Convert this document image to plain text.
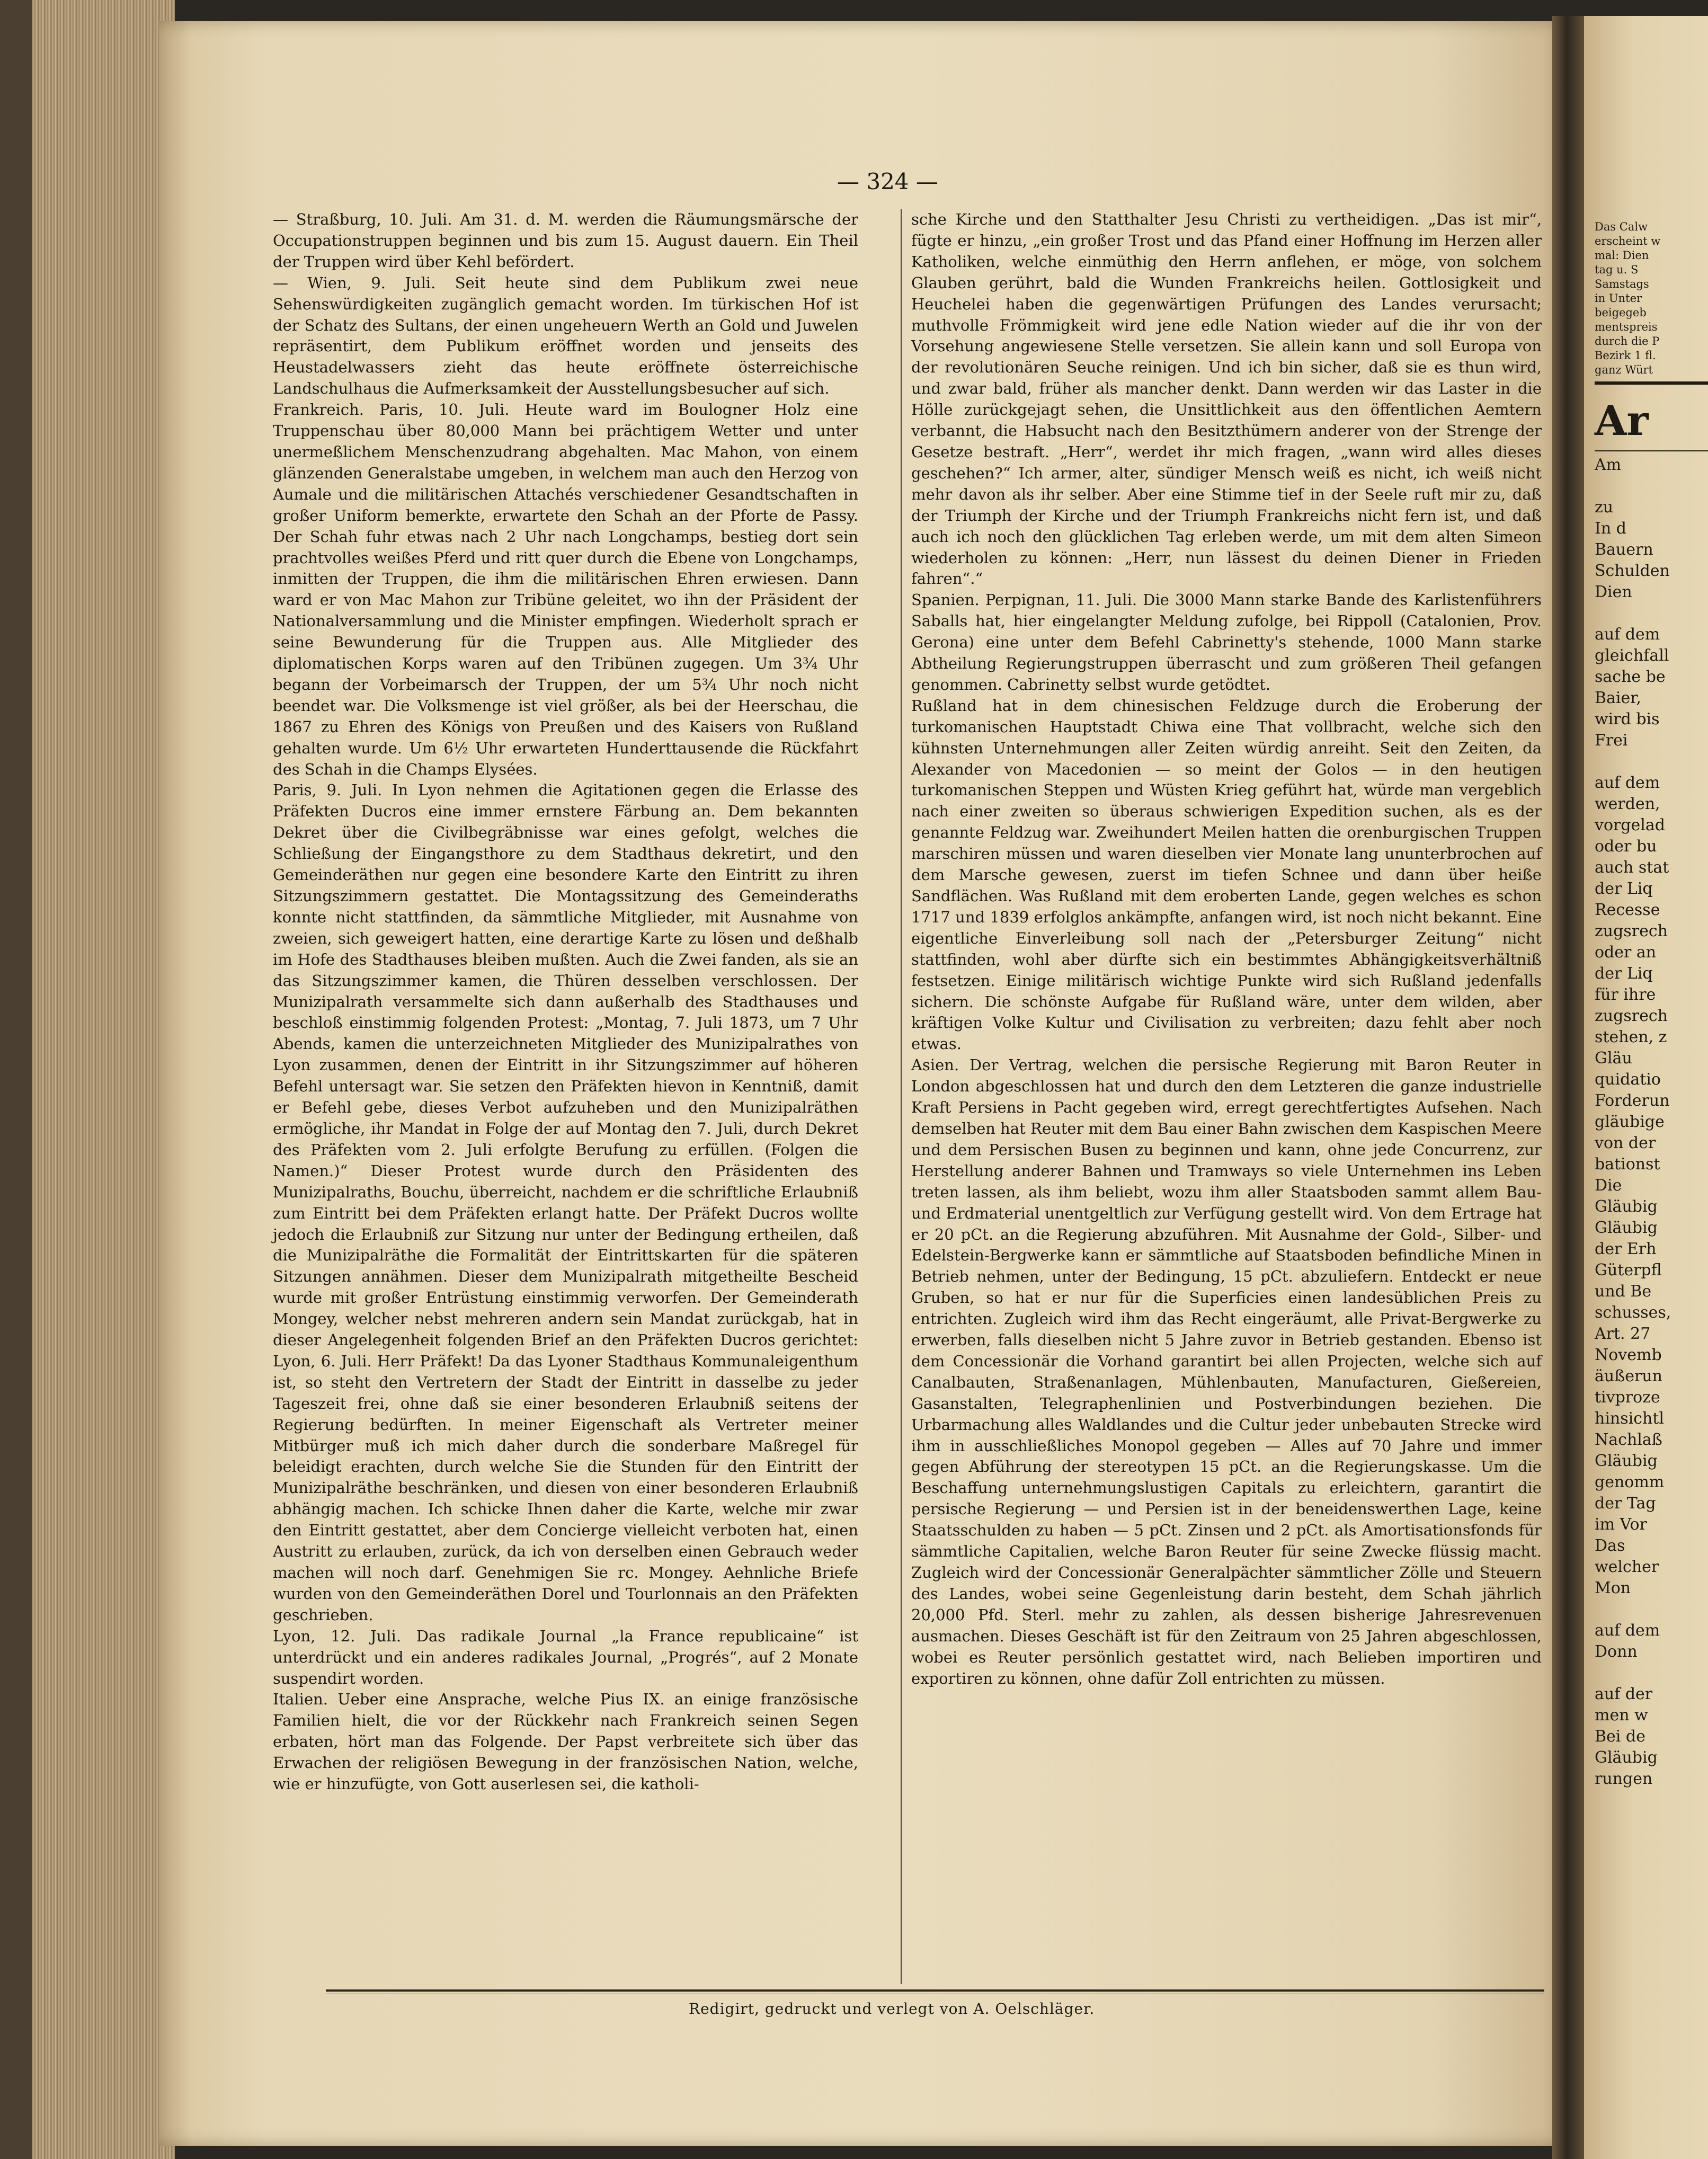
— 324 —

— Straßburg, 10. Juli. Am 31. d. M. werden die Räumungsmärsche der Occupationstruppen beginnen und bis zum 15. August dauern. Ein Theil der Truppen wird über Kehl befördert.

— Wien, 9. Juli. Seit heute sind dem Publikum zwei neue Sehenswürdigkeiten zugänglich gemacht worden. Im türkischen Hof ist der Schatz des Sultans, der einen ungeheuern Werth an Gold und Juwelen repräsentirt, dem Publikum eröffnet worden und jenseits des Heustadelwassers zieht das heute eröffnete österreichische Landschulhaus die Aufmerksamkeit der Ausstellungsbesucher auf sich.

Frankreich. Paris, 10. Juli. Heute ward im Boulogner Holz eine Truppenschau über 80,000 Mann bei prächtigem Wetter und unter unermeßlichem Menschenzudrang abgehalten. Mac Mahon, von einem glänzenden Generalstabe umgeben, in welchem man auch den Herzog von Aumale und die militärischen Attachés verschiedener Gesandtschaften in großer Uniform bemerkte, erwartete den Schah an der Pforte de Passy. Der Schah fuhr etwas nach 2 Uhr nach Longchamps, bestieg dort sein prachtvolles weißes Pferd und ritt quer durch die Ebene von Longchamps, inmitten der Truppen, die ihm die militärischen Ehren erwiesen. Dann ward er von Mac Mahon zur Tribüne geleitet, wo ihn der Präsident der Nationalversammlung und die Minister empfingen. Wiederholt sprach er seine Bewunderung für die Truppen aus. Alle Mitglieder des diplomatischen Korps waren auf den Tribünen zugegen. Um 3¾ Uhr begann der Vorbeimarsch der Truppen, der um 5¾ Uhr noch nicht beendet war. Die Volksmenge ist viel größer, als bei der Heerschau, die 1867 zu Ehren des Königs von Preußen und des Kaisers von Rußland gehalten wurde. Um 6½ Uhr erwarteten Hunderttausende die Rückfahrt des Schah in die Champs Elysées.

Paris, 9. Juli. In Lyon nehmen die Agitationen gegen die Erlasse des Präfekten Ducros eine immer ernstere Färbung an. Dem bekannten Dekret über die Civilbegräbnisse war eines gefolgt, welches die Schließung der Eingangsthore zu dem Stadthaus dekretirt, und den Gemeinderäthen nur gegen eine besondere Karte den Eintritt zu ihren Sitzungszimmern gestattet. Die Montagssitzung des Gemeinderaths konnte nicht stattfinden, da sämmtliche Mitglieder, mit Ausnahme von zweien, sich geweigert hatten, eine derartige Karte zu lösen und deßhalb im Hofe des Stadthauses bleiben mußten. Auch die Zwei fanden, als sie an das Sitzungszimmer kamen, die Thüren desselben verschlossen. Der Munizipalrath versammelte sich dann außerhalb des Stadthauses und beschloß einstimmig folgenden Protest: „Montag, 7. Juli 1873, um 7 Uhr Abends, kamen die unterzeichneten Mitglieder des Munizipalrathes von Lyon zusammen, denen der Eintritt in ihr Sitzungszimmer auf höheren Befehl untersagt war. Sie setzen den Präfekten hievon in Kenntniß, damit er Befehl gebe, dieses Verbot aufzuheben und den Munizipalräthen ermögliche, ihr Mandat in Folge der auf Montag den 7. Juli, durch Dekret des Präfekten vom 2. Juli erfolgte Berufung zu erfüllen. (Folgen die Namen.)“ Dieser Protest wurde durch den Präsidenten des Munizipalraths, Bouchu, überreicht, nachdem er die schriftliche Erlaubniß zum Eintritt bei dem Präfekten erlangt hatte. Der Präfekt Ducros wollte jedoch die Erlaubniß zur Sitzung nur unter der Bedingung ertheilen, daß die Munizipalräthe die Formalität der Eintrittskarten für die späteren Sitzungen annähmen. Dieser dem Munizipalrath mitgetheilte Bescheid wurde mit großer Entrüstung einstimmig verworfen. Der Gemeinderath Mongey, welcher nebst mehreren andern sein Mandat zurückgab, hat in dieser Angelegenheit folgenden Brief an den Präfekten Ducros gerichtet: Lyon, 6. Juli. Herr Präfekt! Da das Lyoner Stadthaus Kommunaleigenthum ist, so steht den Vertretern der Stadt der Eintritt in dasselbe zu jeder Tageszeit frei, ohne daß sie einer besonderen Erlaubniß seitens der Regierung bedürften. In meiner Eigenschaft als Vertreter meiner Mitbürger muß ich mich daher durch die sonderbare Maßregel für beleidigt erachten, durch welche Sie die Stunden für den Eintritt der Munizipalräthe beschränken, und diesen von einer besonderen Erlaubniß abhängig machen. Ich schicke Ihnen daher die Karte, welche mir zwar den Eintritt gestattet, aber dem Concierge vielleicht verboten hat, einen Austritt zu erlauben, zurück, da ich von derselben einen Gebrauch weder machen will noch darf. Genehmigen Sie rc. Mongey. Aehnliche Briefe wurden von den Gemeinderäthen Dorel und Tourlonnais an den Präfekten geschrieben.

Lyon, 12. Juli. Das radikale Journal „la France republicaine“ ist unterdrückt und ein anderes radikales Journal, „Progrés“, auf 2 Monate suspendirt worden.

Italien. Ueber eine Ansprache, welche Pius IX. an einige französische Familien hielt, die vor der Rückkehr nach Frankreich seinen Segen erbaten, hört man das Folgende. Der Papst verbreitete sich über das Erwachen der religiösen Bewegung in der französischen Nation, welche, wie er hinzufügte, von Gott auserlesen sei, die katholi-

sche Kirche und den Statthalter Jesu Christi zu vertheidigen. „Das ist mir“, fügte er hinzu, „ein großer Trost und das Pfand einer Hoffnung im Herzen aller Katholiken, welche einmüthig den Herrn anflehen, er möge, von solchem Glauben gerührt, bald die Wunden Frankreichs heilen. Gottlosigkeit und Heuchelei haben die gegenwärtigen Prüfungen des Landes verursacht; muthvolle Frömmigkeit wird jene edle Nation wieder auf die ihr von der Vorsehung angewiesene Stelle versetzen. Sie allein kann und soll Europa von der revolutionären Seuche reinigen. Und ich bin sicher, daß sie es thun wird, und zwar bald, früher als mancher denkt. Dann werden wir das Laster in die Hölle zurückgejagt sehen, die Unsittlichkeit aus den öffentlichen Aemtern verbannt, die Habsucht nach den Besitzthümern anderer von der Strenge der Gesetze bestraft. „Herr“, werdet ihr mich fragen, „wann wird alles dieses geschehen?“ Ich armer, alter, sündiger Mensch weiß es nicht, ich weiß nicht mehr davon als ihr selber. Aber eine Stimme tief in der Seele ruft mir zu, daß der Triumph der Kirche und der Triumph Frankreichs nicht fern ist, und daß auch ich noch den glücklichen Tag erleben werde, um mit dem alten Simeon wiederholen zu können: „Herr, nun lässest du deinen Diener in Frieden fahren“.“

Spanien. Perpignan, 11. Juli. Die 3000 Mann starke Bande des Karlistenführers Saballs hat, hier eingelangter Meldung zufolge, bei Rippoll (Catalonien, Prov. Gerona) eine unter dem Befehl Cabrinetty's stehende, 1000 Mann starke Abtheilung Regierungstruppen überrascht und zum größeren Theil gefangen genommen. Cabrinetty selbst wurde getödtet.

Rußland hat in dem chinesischen Feldzuge durch die Eroberung der turkomanischen Hauptstadt Chiwa eine That vollbracht, welche sich den kühnsten Unternehmungen aller Zeiten würdig anreiht. Seit den Zeiten, da Alexander von Macedonien — so meint der Golos — in den heutigen turkomanischen Steppen und Wüsten Krieg geführt hat, würde man vergeblich nach einer zweiten so überaus schwierigen Expedition suchen, als es der genannte Feldzug war. Zweihundert Meilen hatten die orenburgischen Truppen marschiren müssen und waren dieselben vier Monate lang ununterbrochen auf dem Marsche gewesen, zuerst im tiefen Schnee und dann über heiße Sandflächen. Was Rußland mit dem eroberten Lande, gegen welches es schon 1717 und 1839 erfolglos ankämpfte, anfangen wird, ist noch nicht bekannt. Eine eigentliche Einverleibung soll nach der „Petersburger Zeitung“ nicht stattfinden, wohl aber dürfte sich ein bestimmtes Abhängigkeitsverhältniß festsetzen. Einige militärisch wichtige Punkte wird sich Rußland jedenfalls sichern. Die schönste Aufgabe für Rußland wäre, unter dem wilden, aber kräftigen Volke Kultur und Civilisation zu verbreiten; dazu fehlt aber noch etwas.

Asien. Der Vertrag, welchen die persische Regierung mit Baron Reuter in London abgeschlossen hat und durch den dem Letzteren die ganze industrielle Kraft Persiens in Pacht gegeben wird, erregt gerechtfertigtes Aufsehen. Nach demselben hat Reuter mit dem Bau einer Bahn zwischen dem Kaspischen Meere und dem Persischen Busen zu beginnen und kann, ohne jede Concurrenz, zur Herstellung anderer Bahnen und Tramways so viele Unternehmen ins Leben treten lassen, als ihm beliebt, wozu ihm aller Staatsboden sammt allem Bau- und Erdmaterial unentgeltlich zur Verfügung gestellt wird. Von dem Ertrage hat er 20 pCt. an die Regierung abzuführen. Mit Ausnahme der Gold-, Silber- und Edelstein-Bergwerke kann er sämmtliche auf Staatsboden befindliche Minen in Betrieb nehmen, unter der Bedingung, 15 pCt. abzuliefern. Entdeckt er neue Gruben, so hat er nur für die Superficies einen landesüblichen Preis zu entrichten. Zugleich wird ihm das Recht eingeräumt, alle Privat-Bergwerke zu erwerben, falls dieselben nicht 5 Jahre zuvor in Betrieb gestanden. Ebenso ist dem Concessionär die Vorhand garantirt bei allen Projecten, welche sich auf Canalbauten, Straßenanlagen, Mühlenbauten, Manufacturen, Gießereien, Gasanstalten, Telegraphenlinien und Postverbindungen beziehen. Die Urbarmachung alles Waldlandes und die Cultur jeder unbebauten Strecke wird ihm in ausschließliches Monopol gegeben — Alles auf 70 Jahre und immer gegen Abführung der stereotypen 15 pCt. an die Regierungskasse. Um die Beschaffung unternehmungslustigen Capitals zu erleichtern, garantirt die persische Regierung — und Persien ist in der beneidenswerthen Lage, keine Staatsschulden zu haben — 5 pCt. Zinsen und 2 pCt. als Amortisationsfonds für sämmtliche Capitalien, welche Baron Reuter für seine Zwecke flüssig macht. Zugleich wird der Concessionär Generalpächter sämmtlicher Zölle und Steuern des Landes, wobei seine Gegenleistung darin besteht, dem Schah jährlich 20,000 Pfd. Sterl. mehr zu zahlen, als dessen bisherige Jahresrevenuen ausmachen. Dieses Geschäft ist für den Zeitraum von 25 Jahren abgeschlossen, wobei es Reuter persönlich gestattet wird, nach Belieben importiren und exportiren zu können, ohne dafür Zoll entrichten zu müssen.

Redigirt, gedruckt und verlegt von A. Oelschläger.
Das Calw
erscheint w
mal: Dien
tag u. S
Samstags
in Unter
beigegeb
mentspreis
durch die P
Bezirk 1 fl.
ganz Würt
Ar
Am
zu
In d
Bauern
Schulden
Dien
auf dem
gleichfall
sache be
Baier,
wird bis
Frei
auf dem
werden,
vorgelad
oder bu
auch stat
der Liq
Recesse
zugsrech
oder an
der Liq
für ihre
zugsrech
stehen, z
Gläu
quidatio
Forderun
gläubige
von der
bationst
Die
Gläubig
Gläubig
der Erh
Güterpfl
und Be
schusses,
Art. 27
Novemb
äußerun
tivproze
hinsichtl
Nachlaß
Gläubig
genomm
der Tag
im Vor
Das
welcher
Mon
auf dem
Donn
auf der
men w
Bei de
Gläubig
rungen
